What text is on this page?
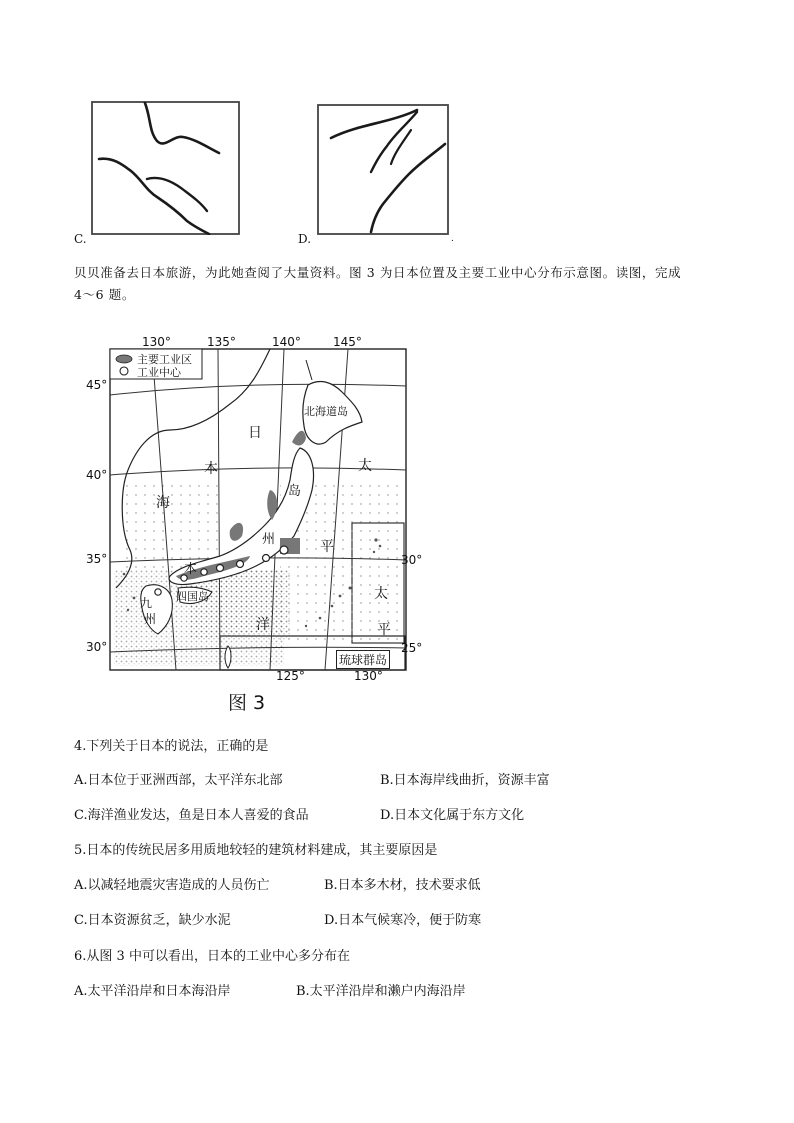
C.	D.	.
贝贝准备去日本旅游，为此她查阅了大量资料。图 3 为日本位置及主要工业中心分布示意图。读图，完成
4～6 题。
主要工业区
工业中心
130°	135°	140°	145°
45°
40°
35°
30°
30°
25°
125°	130°
日
本
海
北海道岛
岛
州
本
太
平
洋
太
平
四国岛
九
州
琉球群岛
图 3
4.下列关于日本的说法，正确的是
A.日本位于亚洲西部，太平洋东北部	B.日本海岸线曲折，资源丰富
C.海洋渔业发达，鱼是日本人喜爱的食品	D.日本文化属于东方文化
5.日本的传统民居多用质地较轻的建筑材料建成，其主要原因是
A.以减轻地震灾害造成的人员伤亡	B.日本多木材，技术要求低
C.日本资源贫乏，缺少水泥	D.日本气候寒冷，便于防寒
6.从图 3 中可以看出，日本的工业中心多分布在
A.太平洋沿岸和日本海沿岸	B.太平洋沿岸和濑户内海沿岸
